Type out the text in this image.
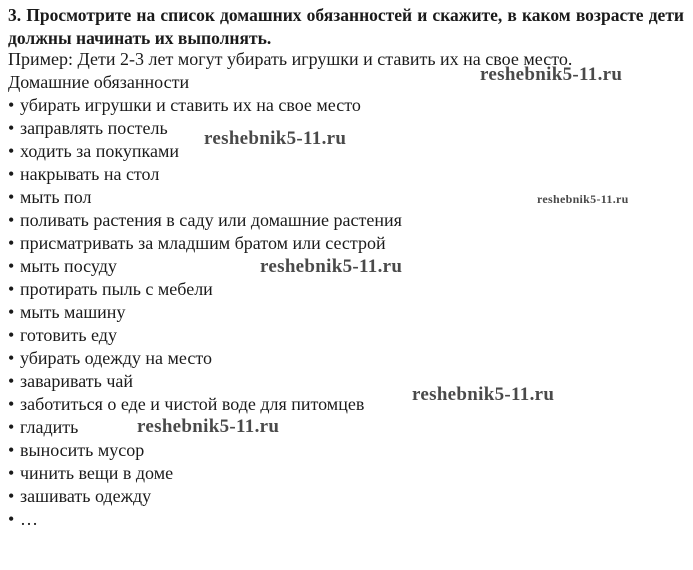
3. Просмотрите на список домашних обязанностей и скажите, в каком возрасте дети должны начинать их выполнять.
Пример: Дети 2-3 лет могут убирать игрушки и ставить их на свое место.
Домашние обязанности
• убирать игрушки и ставить их на свое место
• заправлять постель
• ходить за покупками
• накрывать на стол
• мыть пол
• поливать растения в саду или домашние растения
• присматривать за младшим братом или сестрой
• мыть посуду
• протирать пыль с мебели
• мыть машину
• готовить еду
• убирать одежду на место
• заваривать чай
• заботиться о еде и чистой воде для питомцев
• гладить
• выносить мусор
• чинить вещи в доме
• зашивать одежду
• …
reshebnik5-11.ru
reshebnik5-11.ru
reshebnik5-11.ru
reshebnik5-11.ru
reshebnik5-11.ru
reshebnik5-11.ru
